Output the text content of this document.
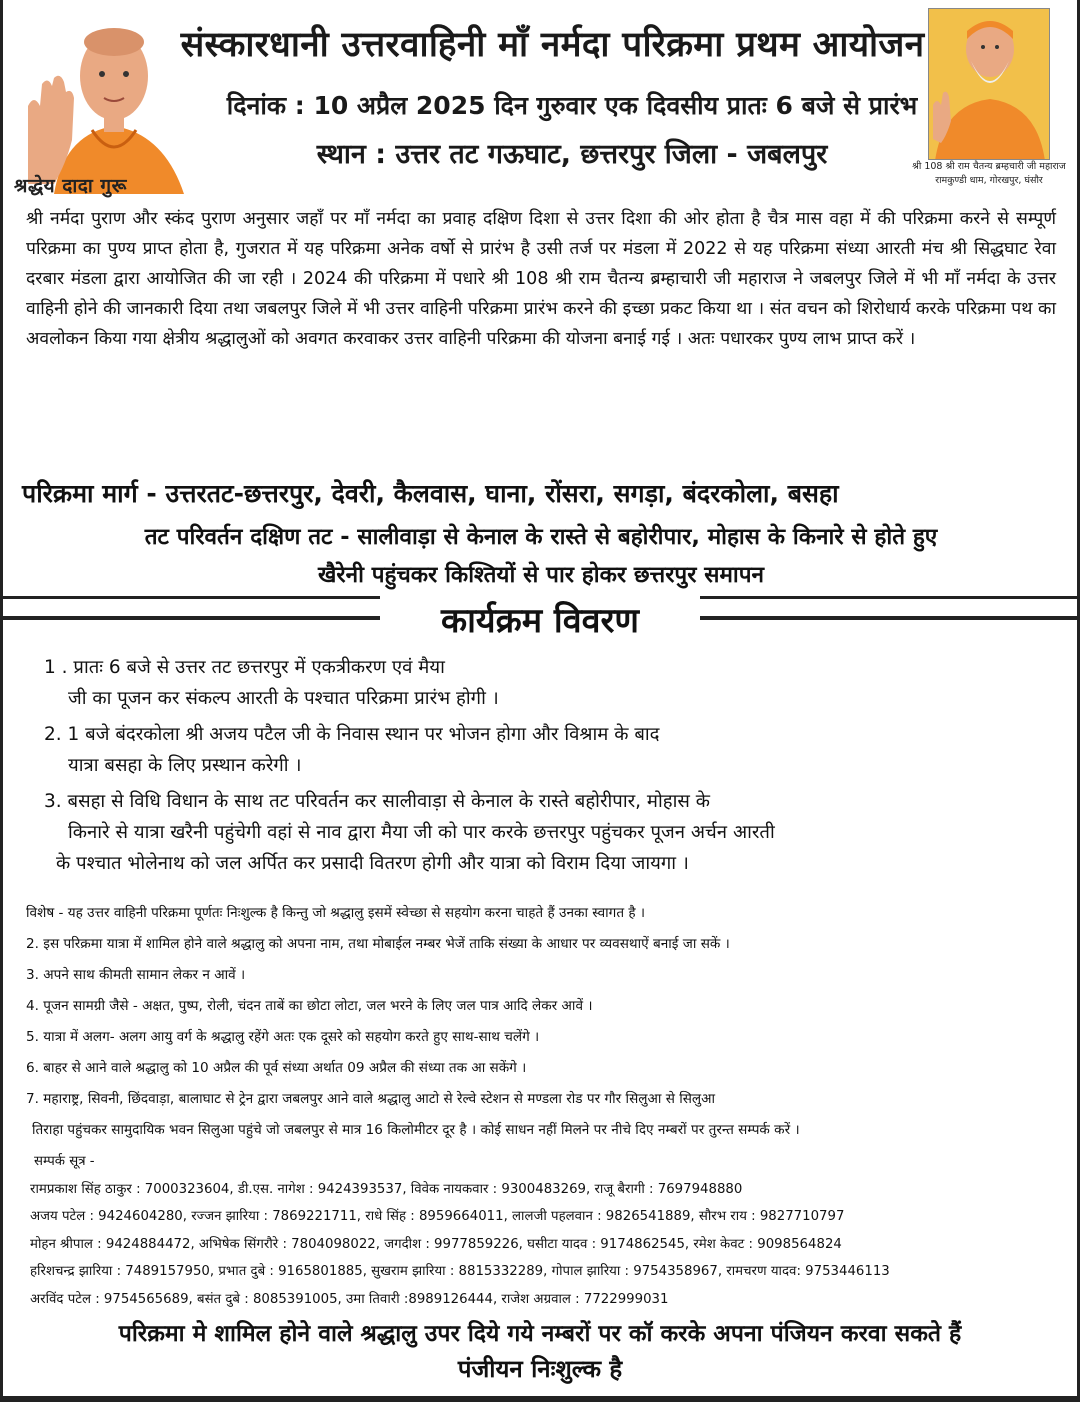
श्रद्धेय दादा गुरू
श्री 108 श्री राम चैतन्य ब्रम्हचारी जी महाराज
रामकुण्डी धाम, गोरखपुर, घंसौर
संस्कारधानी उत्तरवाहिनी माँ नर्मदा परिक्रमा प्रथम आयोजन
दिनांक : 10 अप्रैल 2025 दिन गुरुवार एक दिवसीय प्रातः 6 बजे से प्रारंभ
स्थान : उत्तर तट गऊघाट, छत्तरपुर जिला - जबलपुर
श्री नर्मदा पुराण और स्कंद पुराण अनुसार जहाँ पर माँ नर्मदा का प्रवाह दक्षिण दिशा से उत्तर दिशा की ओर होता है चैत्र मास वहा में की परिक्रमा करने से सम्पूर्ण परिक्रमा का पुण्य प्राप्त होता है, गुजरात में यह परिक्रमा अनेक वर्षो से प्रारंभ है उसी तर्ज पर मंडला में 2022 से यह परिक्रमा संध्या आरती मंच श्री सिद्धघाट रेवा दरबार मंडला द्वारा आयोजित की जा रही । 2024 की परिक्रमा में पधारे श्री 108 श्री राम चैतन्य ब्रम्हाचारी जी महाराज ने जबलपुर जिले में भी माँ नर्मदा के उत्तर वाहिनी होने की जानकारी दिया तथा जबलपुर जिले में भी उत्तर वाहिनी परिक्रमा प्रारंभ करने की इच्छा प्रकट किया था । संत वचन को शिरोधार्य करके परिक्रमा पथ का अवलोकन किया गया क्षेत्रीय श्रद्धालुओं को अवगत करवाकर उत्तर वाहिनी परिक्रमा की योजना बनाई गई । अतः पधारकर पुण्य लाभ प्राप्त करें ।
परिक्रमा मार्ग - उत्तरतट-छत्तरपुर, देवरी, कैलवास, घाना, रोंसरा, सगड़ा, बंदरकोला, बसहा
तट परिवर्तन दक्षिण तट - सालीवाड़ा से केनाल के रास्ते से बहोरीपार, मोहास के किनारे से होते हुए
खैरेनी पहुंचकर किश्तियों से पार होकर छत्तरपुर समापन
कार्यक्रम विवरण
1 . प्रातः 6 बजे से उत्तर तट छत्तरपुर में एकत्रीकरण एवं मैया
जी का पूजन कर संकल्प आरती के पश्चात परिक्रमा प्रारंभ होगी ।
2. 1 बजे बंदरकोला श्री अजय पटैल जी के निवास स्थान पर भोजन होगा और विश्राम के बाद
यात्रा बसहा के लिए प्रस्थान करेगी ।
3. बसहा से विधि विधान के साथ तट परिवर्तन कर सालीवाड़ा से केनाल के रास्ते बहोरीपार, मोहास के
किनारे से यात्रा खरैनी पहुंचेगी वहां से नाव द्वारा मैया जी को पार करके छत्तरपुर पहुंचकर पूजन अर्चन आरती
के पश्चात भोलेनाथ को जल अर्पित कर प्रसादी वितरण होगी और यात्रा को विराम दिया जायगा ।
विशेष - यह उत्तर वाहिनी परिक्रमा पूर्णतः निःशुल्क है किन्तु जो श्रद्धालु इसमें स्वेच्छा से सहयोग करना चाहते हैं उनका स्वागत है ।
2. इस परिक्रमा यात्रा में शामिल होने वाले श्रद्धालु को अपना नाम, तथा मोबाईल नम्बर भेजें ताकि संख्या के आधार पर व्यवसथाऐं बनाई जा सकें ।
3. अपने साथ कीमती सामान लेकर न आवें ।
4. पूजन सामग्री जैसे - अक्षत, पुष्प, रोली, चंदन ताबें का छोटा लोटा, जल भरने के लिए जल पात्र आदि लेकर आवें ।
5. यात्रा में अलग- अलग आयु वर्ग के श्रद्धालु रहेंगे अतः एक दूसरे को सहयोग करते हुए साथ-साथ चलेंगे ।
6. बाहर से आने वाले श्रद्धालु को 10 अप्रैल की पूर्व संध्या अर्थात 09 अप्रैल की संध्या तक आ सकेंगे ।
7. महाराष्ट्र, सिवनी, छिंदवाड़ा, बालाघाट से ट्रेन द्वारा जबलपुर आने वाले श्रद्धालु आटो से रेल्वे स्टेशन से मण्डला रोड पर गौर सिलुआ से सिलुआ
तिराहा पहुंचकर सामुदायिक भवन सिलुआ पहुंचे जो जबलपुर से मात्र 16 किलोमीटर दूर है । कोई साधन नहीं मिलने पर नीचे दिए नम्बरों पर तुरन्त सम्पर्क करें ।
सम्पर्क सूत्र -
रामप्रकाश सिंह ठाकुर : 7000323604, डी.एस. नागेश : 9424393537, विवेक नायकवार : 9300483269, राजू बैरागी : 7697948880
अजय पटेल : 9424604280, रज्जन झारिया : 7869221711, राधे सिंह : 8959664011, लालजी पहलवान : 9826541889, सौरभ राय : 9827710797
मोहन श्रीपाल : 9424884472, अभिषेक सिंगरौरे : 7804098022, जगदीश : 9977859226, घसीटा यादव : 9174862545, रमेश केवट : 9098564824
हरिशचन्द्र झारिया : 7489157950, प्रभात दुबे : 9165801885, सुखराम झारिया : 8815332289, गोपाल झारिया : 9754358967, रामचरण यादव: 9753446113
अरविंद पटेल : 9754565689, बसंत दुबे : 8085391005, उमा तिवारी :8989126444, राजेश अग्रवाल : 7722999031
परिक्रमा मे शामिल होने वाले श्रद्धालु उपर दिये गये नम्बरों पर कॉ करके अपना पंजियन करवा सकते हैं
पंजीयन निःशुल्क है
